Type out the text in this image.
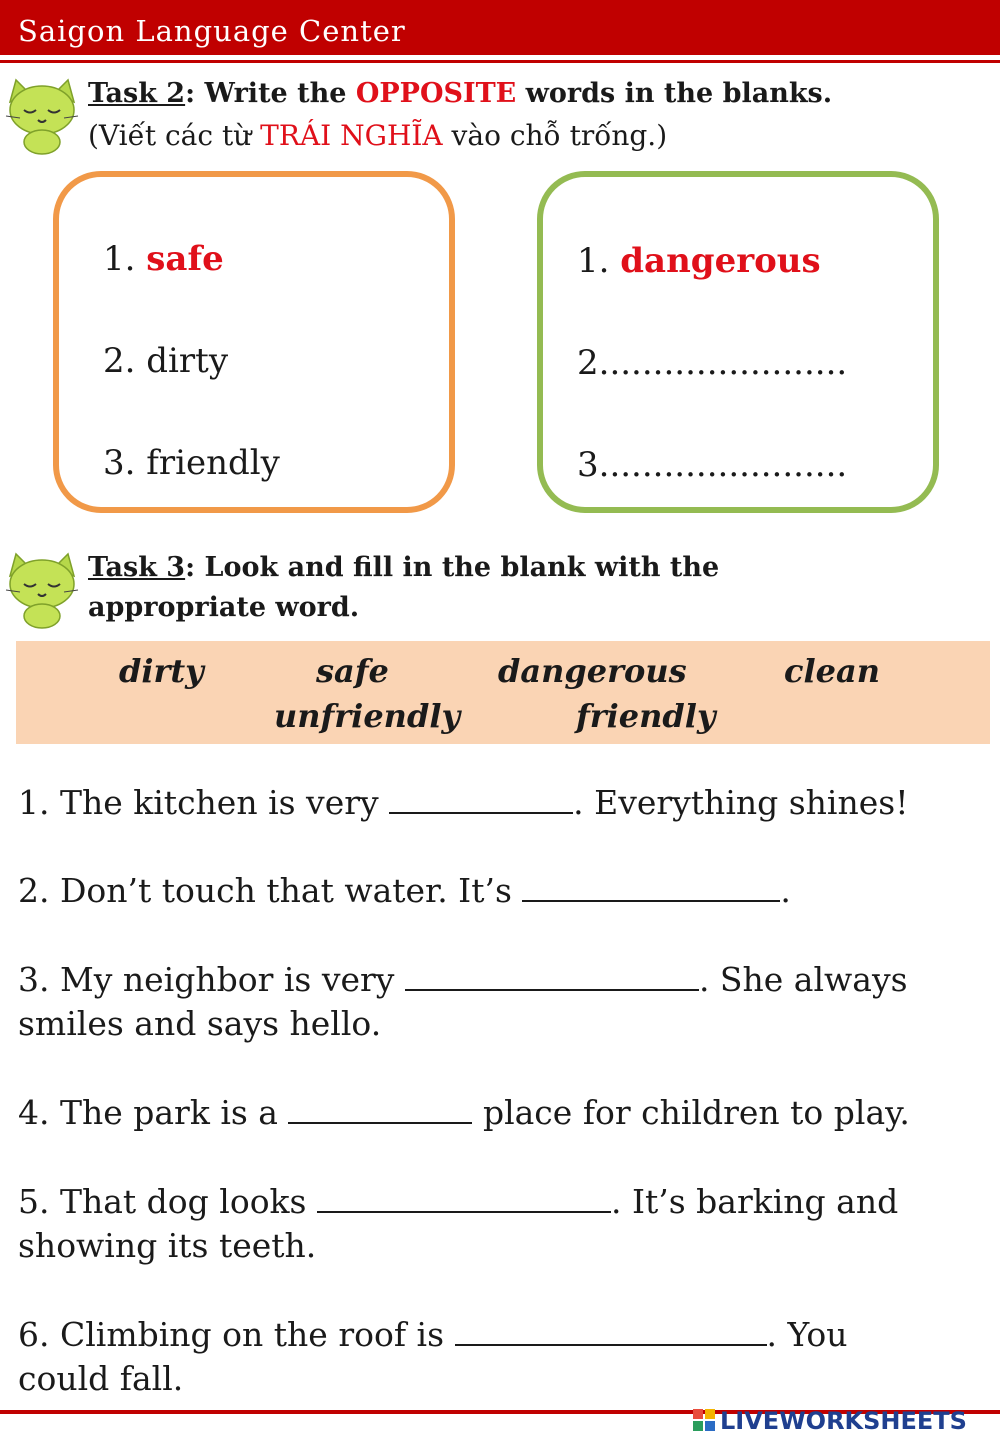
Saigon Language Center
Task 2: Write the OPPOSITE words in the blanks.
(Viết các từ TRÁI NGHĨA vào chỗ trống.)
1. safe
2. dirty
3. friendly
1. dangerous
2.......................
3.......................
Task 3: Look and fill in the blank with the
appropriate word.
dirty	safe	dangerous	clean
unfriendly	friendly
1. The kitchen is very	. Everything shines!
2. Don’t touch that water. It’s	.
3. My neighbor is very	. She always
smiles and says hello.
4. The park is a	place for children to play.
5. That dog looks	. It’s barking and
showing its teeth.
6. Climbing on the roof is	. You
could fall.
LIVEWORKSHEETS
